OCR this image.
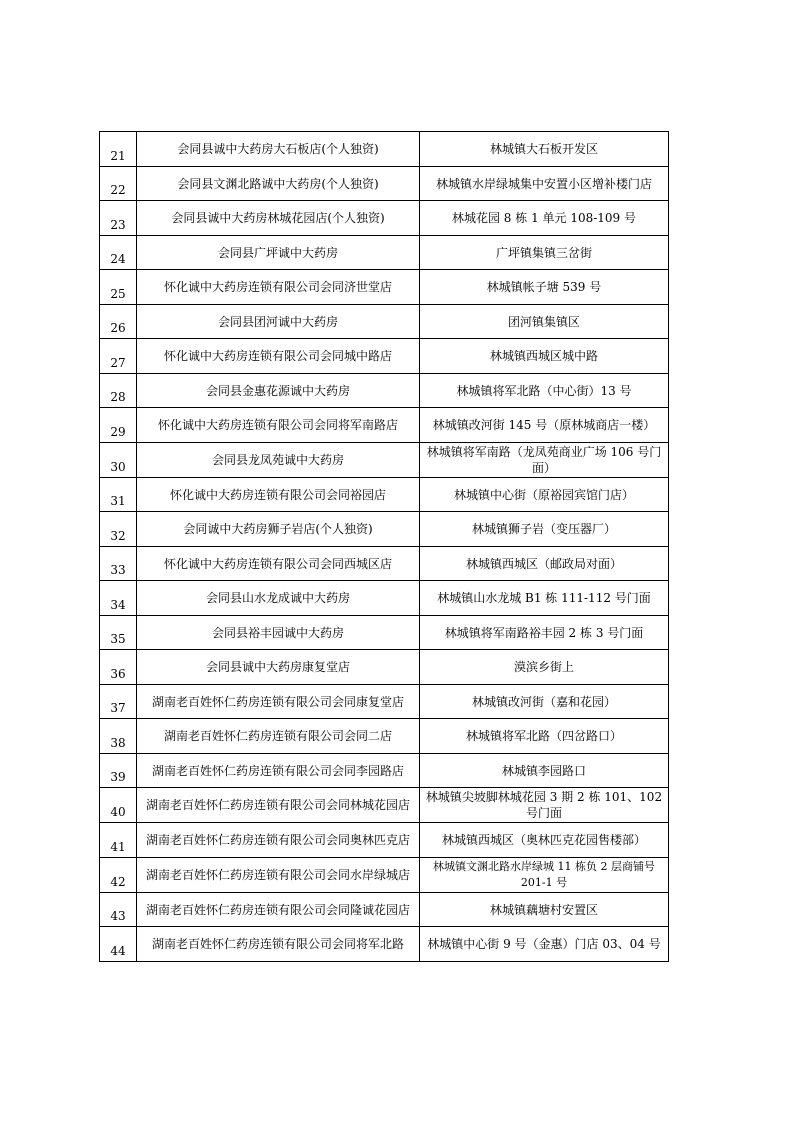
21	会同县诚中大药房大石板店(个人独资)	林城镇大石板开发区

22	会同县文渊北路诚中大药房(个人独资)	林城镇水岸绿城集中安置小区增补楼门店

23	会同县诚中大药房林城花园店(个人独资)	林城花园 8 栋 1 单元 108-109 号

24	会同县广坪诚中大药房	广坪镇集镇三岔街

25	怀化诚中大药房连锁有限公司会同济世堂店	林城镇帐子塘 539 号

26	会同县团河诚中大药房	团河镇集镇区

27	怀化诚中大药房连锁有限公司会同城中路店	林城镇西城区城中路

28	会同县金惠花源诚中大药房	林城镇将军北路（中心街）13 号

29	怀化诚中大药房连锁有限公司会同将军南路店	林城镇改河街 145 号（原林城商店一楼）

30	会同县龙凤苑诚中大药房	林城镇将军南路（龙凤苑商业广场 106 号门面）

31	怀化诚中大药房连锁有限公司会同裕园店	林城镇中心街（原裕园宾馆门店）

32	会同诚中大药房狮子岩店(个人独资)	林城镇狮子岩（变压器厂）

33	怀化诚中大药房连锁有限公司会同西城区店	林城镇西城区（邮政局对面）

34	会同县山水龙成诚中大药房	林城镇山水龙城 B1 栋 111-112 号门面

35	会同县裕丰园诚中大药房	林城镇将军南路裕丰园 2 栋 3 号门面

36	会同县诚中大药房康复堂店	漠滨乡街上

37	湖南老百姓怀仁药房连锁有限公司会同康复堂店	林城镇改河街（嘉和花园）

38	湖南老百姓怀仁药房连锁有限公司会同二店	林城镇将军北路（四岔路口）

39	湖南老百姓怀仁药房连锁有限公司会同李园路店	林城镇李园路口

40	湖南老百姓怀仁药房连锁有限公司会同林城花园店	林城镇尖坡脚林城花园 3 期 2 栋 101、102 号门面

41	湖南老百姓怀仁药房连锁有限公司会同奥林匹克店	林城镇西城区（奥林匹克花园售楼部）

42	湖南老百姓怀仁药房连锁有限公司会同水岸绿城店	林城镇文渊北路水岸绿城 11 栋负 2 层商铺号 201-1 号

43	湖南老百姓怀仁药房连锁有限公司会同隆诚花园店	林城镇藕塘村安置区

44	湖南老百姓怀仁药房连锁有限公司会同将军北路	林城镇中心街 9 号（金惠）门店 03、04 号
